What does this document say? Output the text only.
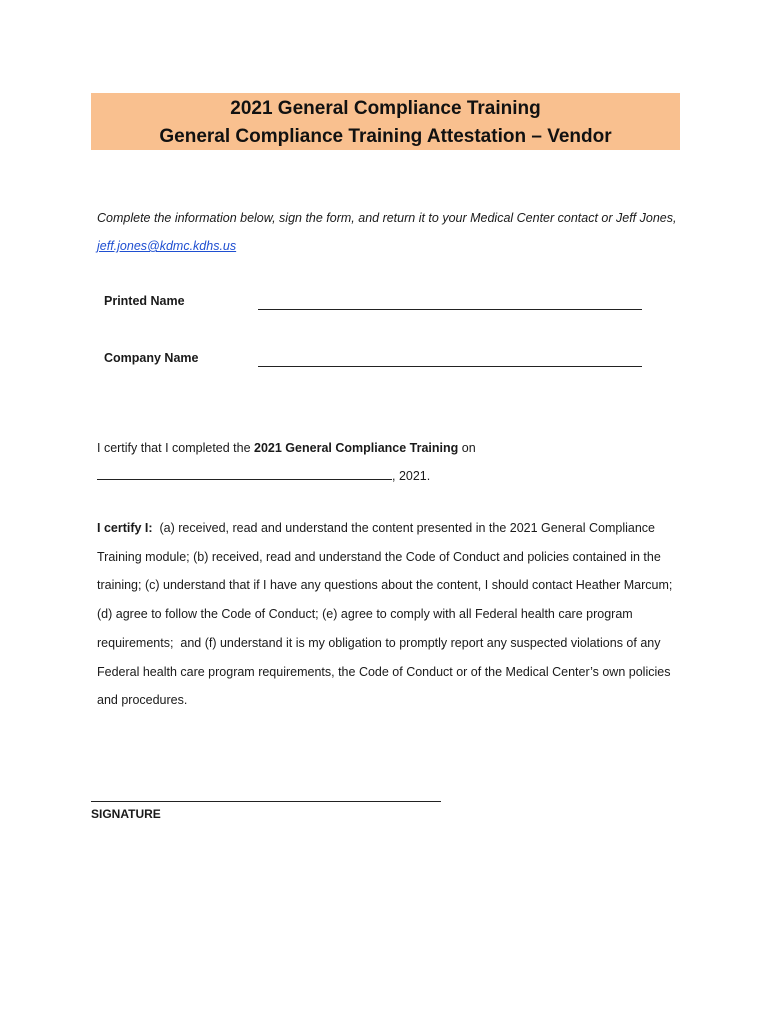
2021 General Compliance Training
General Compliance Training Attestation – Vendor
Complete the information below, sign the form, and return it to your Medical Center contact or Jeff Jones, jeff.jones@kdmc.kdhs.us
Printed Name
Company Name
I certify that I completed the 2021 General Compliance Training on
, 2021.
I certify I:  (a) received, read and understand the content presented in the 2021 General Compliance Training module; (b) received, read and understand the Code of Conduct and policies contained in the training; (c) understand that if I have any questions about the content, I should contact Heather Marcum; (d) agree to follow the Code of Conduct; (e) agree to comply with all Federal health care program requirements;  and (f) understand it is my obligation to promptly report any suspected violations of any Federal health care program requirements, the Code of Conduct or of the Medical Center’s own policies and procedures.
SIGNATURE
